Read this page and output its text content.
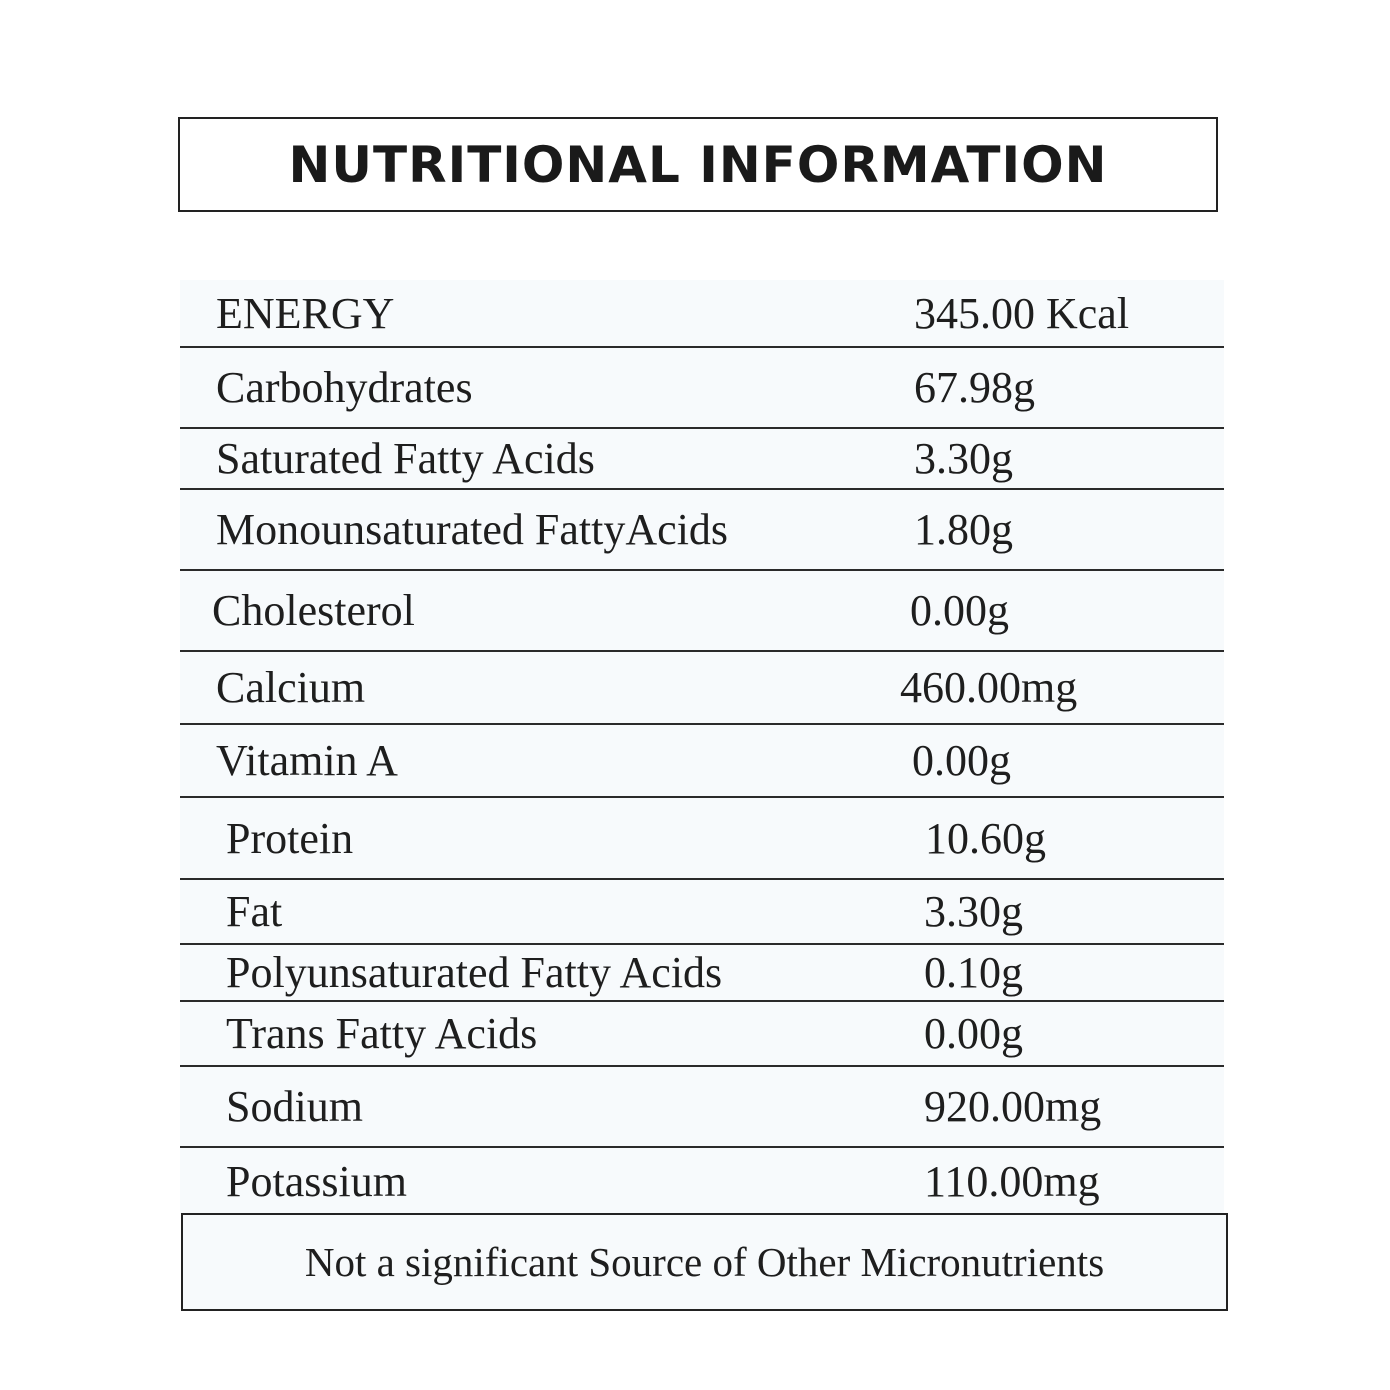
NUTRITIONAL INFORMATION
ENERGY	345.00 Kcal
Carbohydrates	67.98g
Saturated Fatty Acids	3.30g
Monounsaturated FattyAcids	1.80g
Cholesterol	0.00g
Calcium	460.00mg
Vitamin A	0.00g
Protein	10.60g
Fat	3.30g
Polyunsaturated Fatty Acids	0.10g
Trans Fatty Acids	0.00g
Sodium	920.00mg
Potassium	110.00mg
Not a significant Source of Other Micronutrients
